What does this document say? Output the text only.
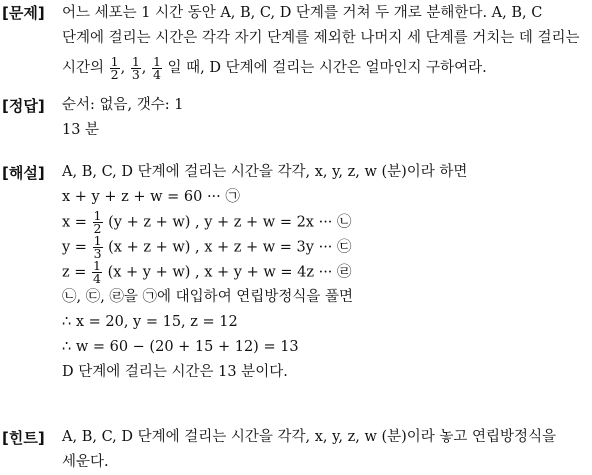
[문제] 어느 세포는 1 시간 동안 A, B, C, D 단계를 거쳐 두 개로 분해한다. A, B, C
단계에 걸리는 시간은 각각 자기 단계를 제외한 나머지 세 단계를 거치는 데 걸리는
시간의 $\frac{1}{2}$ , $\frac{1}{3}$ , $\frac{1}{4}$ 일 때, D 단계에 걸리는 시간은 얼마인지 구하여라.
[정답] 순서: 없음, 갯수: 1
13 분
[해설] A, B, C, D 단계에 걸리는 시간을 각각, x, y, z, w (분)이라 하면
x + y + z + w = 60 ··· ㉠
$x = \frac{1}{2} (y + z + w)$ , y + z + w = 2x ··· ㉡
$y = \frac{1}{3} (x + z + w)$ , x + z + w = 3y ··· ㉢
$z = \frac{1}{4} (x + y + w)$ , x + y + w = 4z ··· ㉣
㉡, ㉢, ㉣을 ㉠에 대입하여 연립방정식을 풀면
∴ x = 20, y = 15, z = 12
∴ w = 60 − (20 + 15 + 12) = 13
D 단계에 걸리는 시간은 13 분이다.
[힌트] A, B, C, D 단계에 걸리는 시간을 각각, x, y, z, w (분)이라 놓고 연립방정식을
세운다.
